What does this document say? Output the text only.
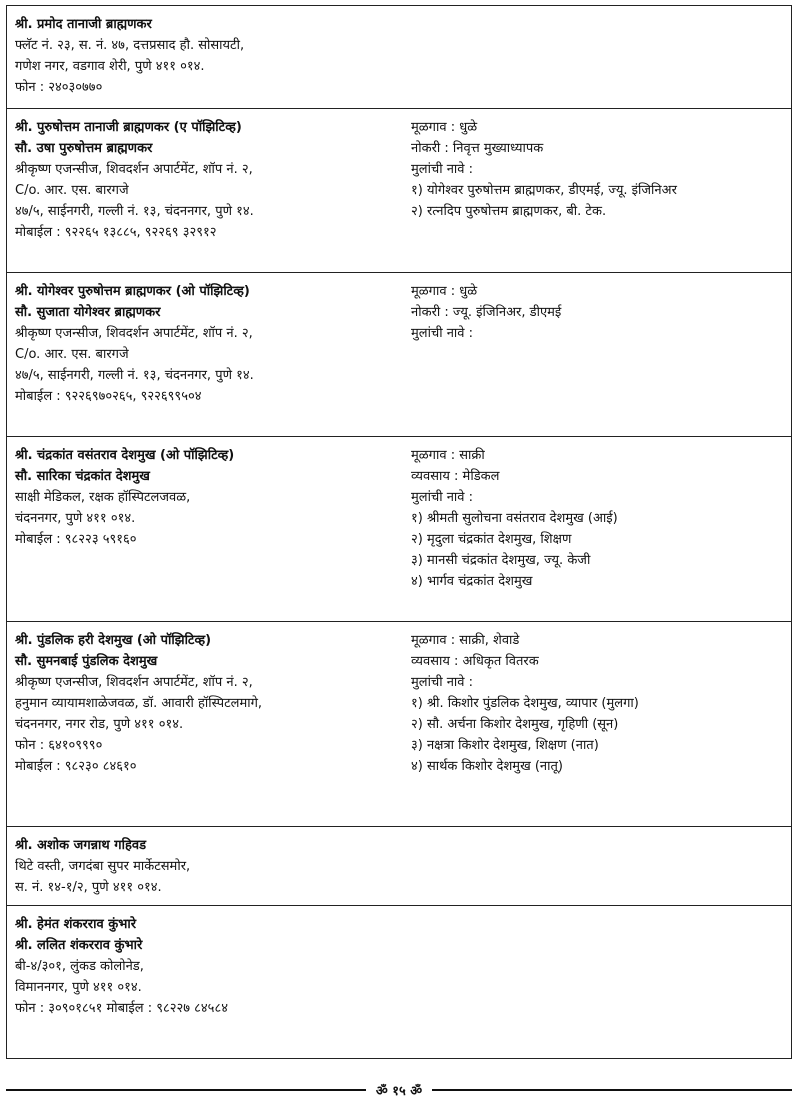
श्री. प्रमोद तानाजी ब्राह्मणकर
फ्लॅट नं. २३, स. नं. ४७, दत्तप्रसाद हौ. सोसायटी,
गणेश नगर, वडगाव शेरी, पुणे ४११ ०१४.
फोन : २४०३०७७०
श्री. पुरुषोत्तम तानाजी ब्राह्मणकर (ए पॉझिटिव्ह)
सौ. उषा पुरुषोत्तम ब्राह्मणकर
श्रीकृष्ण एजन्सीज, शिवदर्शन अपार्टमेंट, शॉप नं. २,
C/o. आर. एस. बारगजे
४७/५, साईनगरी, गल्ली नं. १३, चंदननगर, पुणे १४.
मोबाईल : ९२२६५ १३८८५, ९२२६९ ३२९१२
मूळगाव : धुळे
नोकरी : निवृत्त मुख्याध्यापक
मुलांची नावे :
१) योगेश्वर पुरुषोत्तम ब्राह्मणकर, डीएमई, ज्यू. इंजिनिअर
२) रत्नदिप पुरुषोत्तम ब्राह्मणकर, बी. टेक.
श्री. योगेश्वर पुरुषोत्तम ब्राह्मणकर (ओ पॉझिटिव्ह)
सौ. सुजाता योगेश्वर ब्राह्मणकर
श्रीकृष्ण एजन्सीज, शिवदर्शन अपार्टमेंट, शॉप नं. २,
C/o. आर. एस. बारगजे
४७/५, साईनगरी, गल्ली नं. १३, चंदननगर, पुणे १४.
मोबाईल : ९२२६९७०२६५, ९२२६९९५०४
मूळगाव : धुळे
नोकरी : ज्यू. इंजिनिअर, डीएमई
मुलांची नावे :
श्री. चंद्रकांत वसंतराव देशमुख (ओ पॉझिटिव्ह)
सौ. सारिका चंद्रकांत देशमुख
साक्षी मेडिकल, रक्षक हॉस्पिटलजवळ,
चंदननगर, पुणे ४११ ०१४.
मोबाईल : ९८२२३ ५९१६०
मूळगाव : साक्री
व्यवसाय : मेडिकल
मुलांची नावे :
१) श्रीमती सुलोचना वसंतराव देशमुख (आई)
२) मृदुला चंद्रकांत देशमुख, शिक्षण
३) मानसी चंद्रकांत देशमुख, ज्यू. केजी
४) भार्गव चंद्रकांत देशमुख
श्री. पुंडलिक हरी देशमुख (ओ पॉझिटिव्ह)
सौ. सुमनबाई पुंडलिक देशमुख
श्रीकृष्ण एजन्सीज, शिवदर्शन अपार्टमेंट, शॉप नं. २,
हनुमान व्यायामशाळेजवळ, डॉ. आवारी हॉस्पिटलमागे,
चंदननगर, नगर रोड, पुणे ४११ ०१४.
फोन : ६४१०९९९०
मोबाईल : ९८२३० ८४६१०
मूळगाव : साक्री, शेवाडे
व्यवसाय : अधिकृत वितरक
मुलांची नावे :
१) श्री. किशोर पुंडलिक देशमुख, व्यापार (मुलगा)
२) सौ. अर्चना किशोर देशमुख, गृहिणी (सून)
३) नक्षत्रा किशोर देशमुख, शिक्षण (नात)
४) सार्थक किशोर देशमुख (नातू)
श्री. अशोक जगन्नाथ गहिवड
थिटे वस्ती, जगदंबा सुपर मार्केटसमोर,
स. नं. १४-१/२, पुणे ४११ ०१४.
श्री. हेमंत शंकरराव कुंभारे
श्री. ललित शंकरराव कुंभारे
बी-४/३०१, लुंकड कोलोनेड,
विमाननगर, पुणे ४११ ०१४.
फोन : ३०९०१८५१ मोबाईल : ९८२२७ ८४५८४
ॐ १५ ॐ
